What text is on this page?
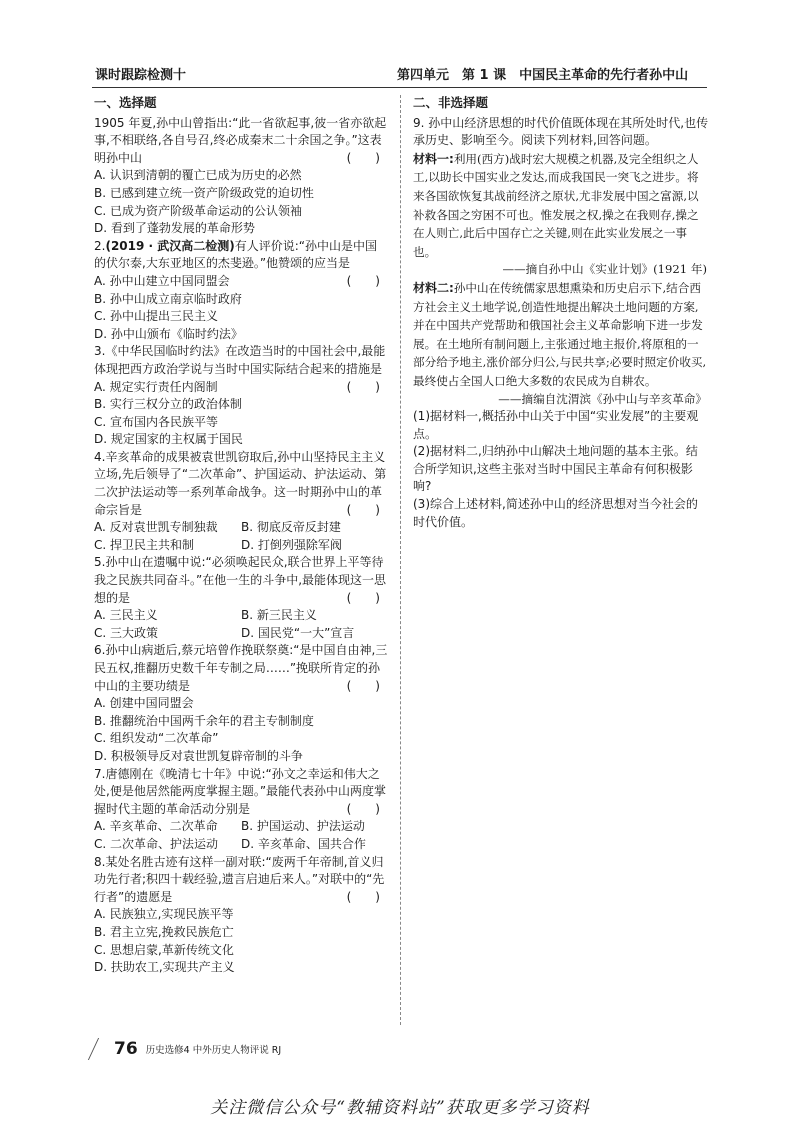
课时跟踪检测十	第四单元　第 1 课　中国民主革命的先行者孙中山
一、选择题
1905 年夏,孙中山曾指出:“此一省欲起事,彼一省亦欲起事,不相联络,各自号召,终必成秦末二十余国之争。”这表明孙中山	(　　)
A. 认识到清朝的覆亡已成为历史的必然
B. 已感到建立统一资产阶级政党的迫切性
C. 已成为资产阶级革命运动的公认领袖
D. 看到了蓬勃发展的革命形势
2.(2019 · 武汉高二检测)有人评价说:“孙中山是中国的伏尔泰,大东亚地区的杰斐逊。”他赞颂的应当是
(　　)
A. 孙中山建立中国同盟会
B. 孙中山成立南京临时政府
C. 孙中山提出三民主义
D. 孙中山颁布《临时约法》
3.《中华民国临时约法》在改造当时的中国社会中,最能体现把西方政治学说与当时中国实际结合起来的措施是
(　　)
A. 规定实行责任内阁制
B. 实行三权分立的政治体制
C. 宣布国内各民族平等
D. 规定国家的主权属于国民
4.辛亥革命的成果被袁世凯窃取后,孙中山坚持民主主义立场,先后领导了“二次革命”、护国运动、护法运动、第二次护法运动等一系列革命战争。这一时期孙中山的革命宗旨是	(　　)
A. 反对袁世凯专制独裁	B. 彻底反帝反封建
C. 捍卫民主共和制	D. 打倒列强除军阀
5.孙中山在遗嘱中说:“必须唤起民众,联合世界上平等待我之民族共同奋斗。”在他一生的斗争中,最能体现这一思想的是	(　　)
A. 三民主义	B. 新三民主义
C. 三大政策	D. 国民党“一大”宣言
6.孙中山病逝后,蔡元培曾作挽联祭奠:“是中国自由神,三民五权,推翻历史数千年专制之局……”挽联所肯定的孙中山的主要功绩是	(　　)
A. 创建中国同盟会
B. 推翻统治中国两千余年的君主专制制度
C. 组织发动“二次革命”
D. 积极领导反对袁世凯复辟帝制的斗争
7.唐德刚在《晚清七十年》中说:“孙文之幸运和伟大之处,便是他居然能两度掌握主题。”最能代表孙中山两度掌握时代主题的革命活动分别是	(　　)
A. 辛亥革命、二次革命	B. 护国运动、护法运动
C. 二次革命、护法运动	D. 辛亥革命、国共合作
8.某处名胜古迹有这样一副对联:“废两千年帝制,首义归功先行者;积四十载经验,遗言启迪后来人。”对联中的“先行者”的遗愿是	(　　)
A. 民族独立,实现民族平等
B. 君主立宪,挽救民族危亡
C. 思想启蒙,革新传统文化
D. 扶助农工,实现共产主义
二、非选择题
9. 孙中山经济思想的时代价值既体现在其所处时代,也传承历史、影响至今。阅读下列材料,回答问题。
材料一:利用(西方)战时宏大规模之机器,及完全组织之人工,以助长中国实业之发达,而成我国民一突飞之进步。将来各国欲恢复其战前经济之原状,尤非发展中国之富源,以补救各国之穷困不可也。惟发展之权,操之在我则存,操之在人则亡,此后中国存亡之关键,则在此实业发展之一事也。
——摘自孙中山《实业计划》(1921 年)
材料二:孙中山在传统儒家思想熏染和历史启示下,结合西方社会主义土地学说,创造性地提出解决土地问题的方案,并在中国共产党帮助和俄国社会主义革命影响下进一步发展。在土地所有制问题上,主张通过地主报价,将原租的一部分给予地主,涨价部分归公,与民共享;必要时照定价收买,最终使占全国人口绝大多数的农民成为自耕农。
——摘编自沈渭滨《孙中山与辛亥革命》
(1)据材料一,概括孙中山关于中国“实业发展”的主要观点。
(2)据材料二,归纳孙中山解决土地问题的基本主张。结合所学知识,这些主张对当时中国民主革命有何积极影响?
(3)综合上述材料,简述孙中山的经济思想对当今社会的时代价值。
76 历史选修4 中外历史人物评说 RJ
关注微信公众号“教辅资料站”获取更多学习资料
